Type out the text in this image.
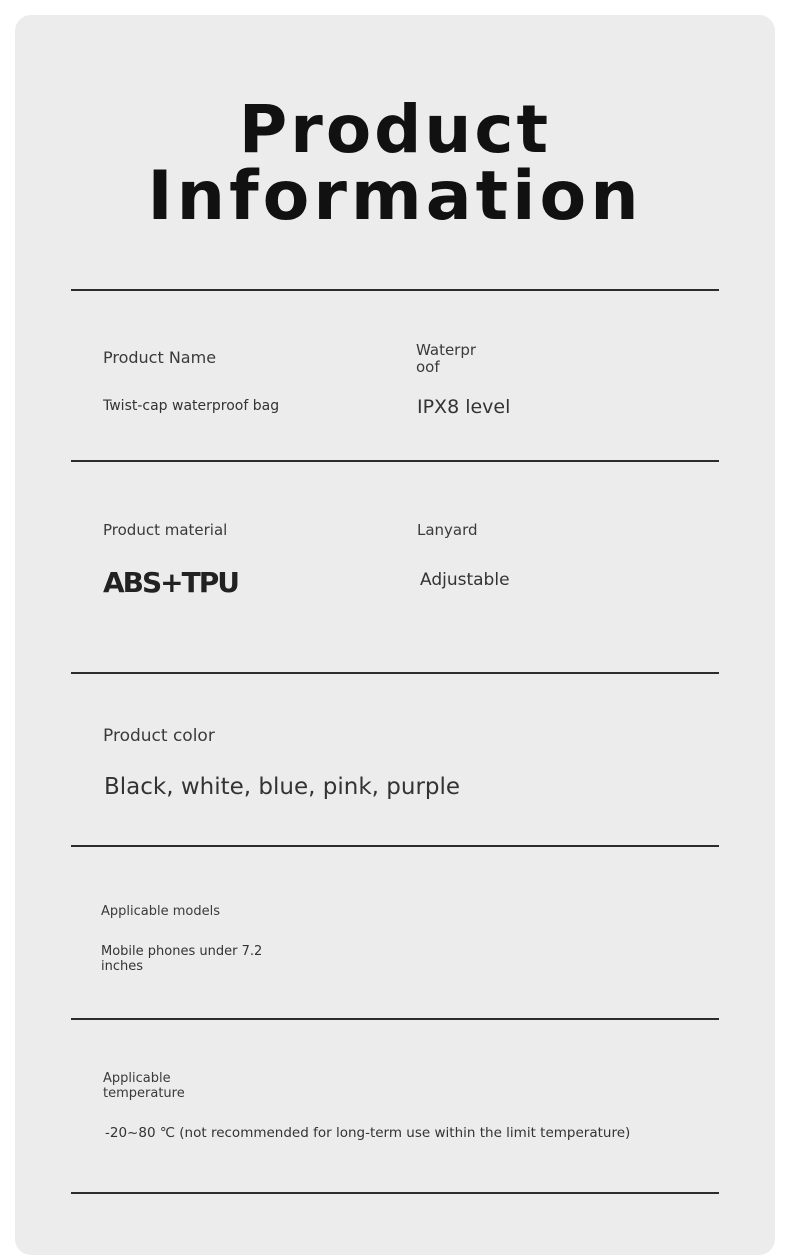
Product
Information
Product Name
Twist-cap waterproof bag
Waterpr oof
IPX8 level
Product material
ABS+TPU
Lanyard
Adjustable
Product color
Black, white, blue, pink, purple
Applicable models
Mobile phones under 7.2 inches
Applicable temperature
-20~80 ℃ (not recommended for long-term use within the limit temperature)
